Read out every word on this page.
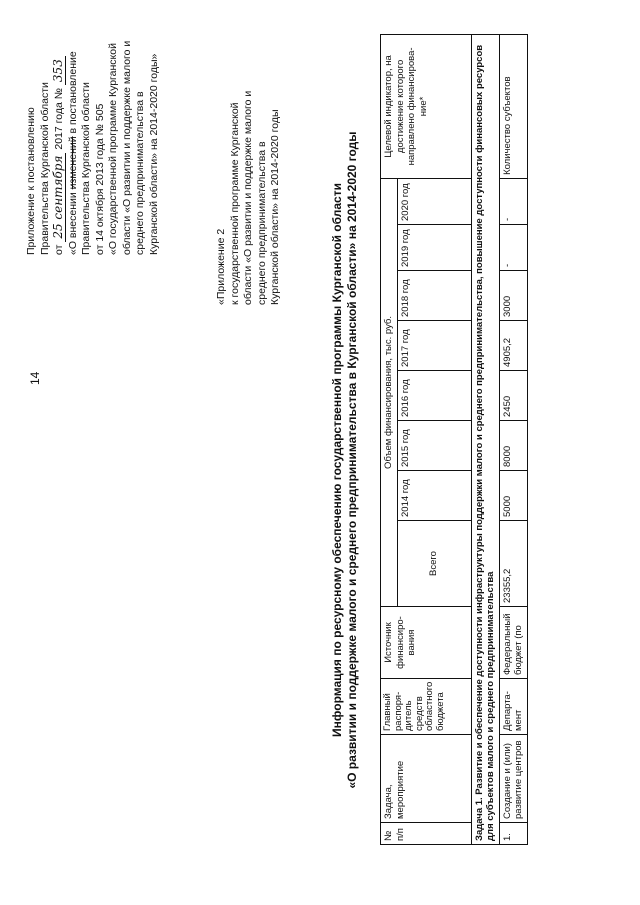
14
Приложение к постановлению Правительства Курганской области от 25 сентября 2017 года № 353
«О внесении изменений в постановление Правительства Курганской области от 14 октября 2013 года № 505 «О государственной программе Курганской области «О развитии и поддержке малого и среднего предпринимательства в Курганской области» на 2014-2020 годы»
«Приложение 2 к государственной программе Курганской области «О развитии и поддержке малого и среднего предпринимательства в Курганской области» на 2014-2020 годы	Информация по ресурсному обеспечению государственной программы Курганской области «О развитии и поддержке малого и среднего предпринимательства в Курганской области» на 2014-2020 годы
№ п/п	Задача, мероприятие	Главный распоря- дитель средств областного бюджета	Источник финансиро- вания	Объем финансирования, тыс. руб.								Целевой индикатор, на достижение которого направлено финансирова- ние*
				Всего	2014 год	2015 год	2016 год	2017 год	2018 год	2019 год	2020 год	
Задача 1. Развитие и обеспечение доступности инфраструктуры поддержки малого и среднего предпринимательства, повышение доступности финансовых ресурсов для субъектов малого и среднего предпринимательства												
1.	Создание и (или) развитие центров	Департа- мент	Федеральный бюджет (по	23355,2	5000	8000	2450	4905,2	3000	-	-	Количество субъектов
